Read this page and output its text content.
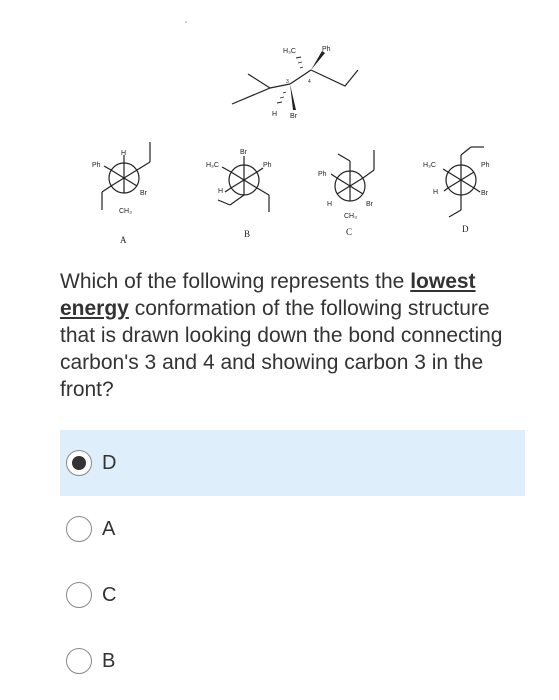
H₃C	Ph
3	4
H Br
Ph
H
Br
CH₃
A
Br
H₃C	Ph
H
B
Ph
H	Br
CH₃
C
H₃C	Ph
H	Br
D
Which of the following represents the lowest energy conformation of the following structure that is drawn looking down the bond connecting carbon's 3 and 4 and showing carbon 3 in the front?
D
A
C
B
